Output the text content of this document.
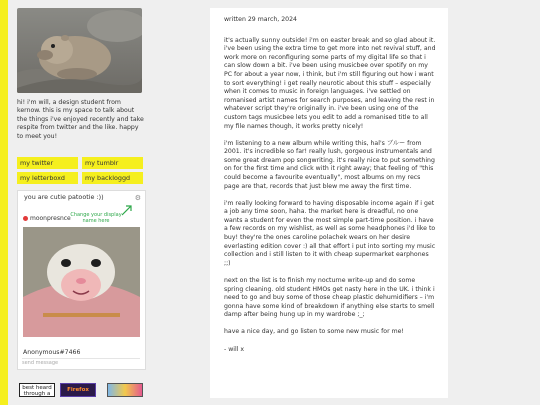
hi! i'm will, a design student from kernow. this is my space to talk about the things i've enjoyed recently and take respite from twitter and the like. happy to meet you!
my twitter	my tumblr
my letterboxd	my backloggd
you are cutie patootie :))	⚙
moonpresnce Change your display name here
Anonymous#7466
send message
best heard through a
Firefox

written 29 march, 2024

it's actually sunny outside! i'm on easter break and so glad about it. i've been using the extra time to get more into net revival stuff, and work more on reconfiguring some parts of my digital life so that i can slow down a bit. i've been using musicbee over spotify on my PC for about a year now, i think, but i'm still figuring out how i want to sort everything! i get really neurotic about this stuff – especially when it comes to music in foreign languages. i've settled on romanised artist names for search purposes, and leaving the rest in whatever script they're originally in. i've been using one of the custom tags musicbee lets you edit to add a romanised title to all my file names though, it works pretty nicely!

i'm listening to a new album while writing this, hal's ブルー from 2001. it's incredible so far! really lush, gorgeous instrumentals and some great dream pop songwriting. it's really nice to put something on for the first time and click with it right away; that feeling of "this could become a favourite eventually", most albums on my recs page are that, records that just blew me away the first time.

i'm really looking forward to having disposable income again if i get a job any time soon, haha. the market here is dreadful, no one wants a student for even the most simple part-time position. i have a few records on my wishlist, as well as some headphones i'd like to buy! they're the ones caroline polachek wears on her desire everlasting edition cover :) all that effort i put into sorting my music collection and i still listen to it with cheap supermarket earphones ;;)

next on the list is to finish my nocturne write-up and do some spring cleaning. old student HMOs get nasty here in the UK. i think i need to go and buy some of those cheap plastic dehumidifiers – i'm gonna have some kind of breakdown if anything else starts to smell damp after being hung up in my wardrobe ;_;

have a nice day, and go listen to some new music for me!

- will x
